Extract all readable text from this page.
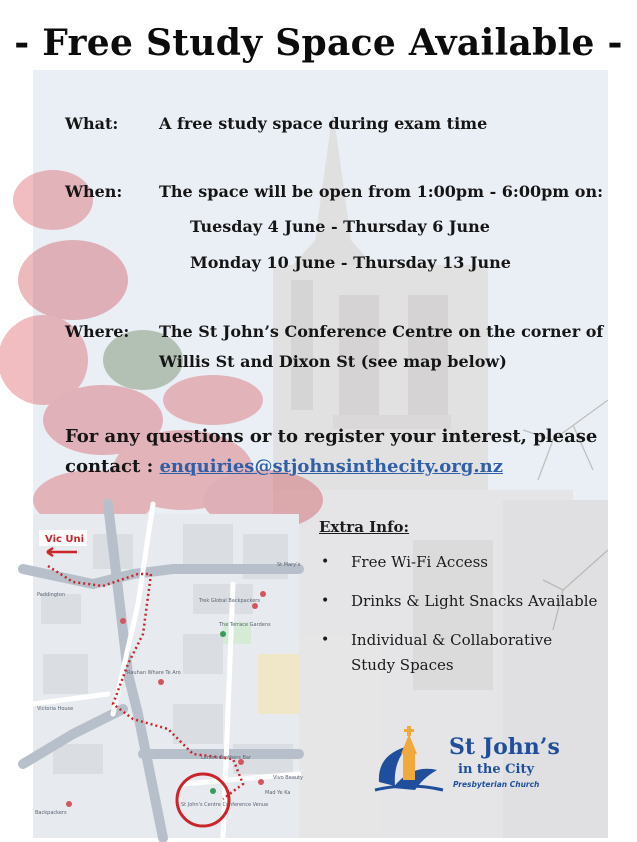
- Free Study Space Available -
What:	A free study space during exam time
When: The space will be open from 1:00pm - 6:00pm on:
Tuesday 4 June - Thursday 6 June
Monday 10 June - Thursday 13 June
Where: The St John’s Conference Centre on the corner of
Willis St and Dixon St (see map below)
For any questions or to register your interest, please
contact : enquiries@stjohnsinthecity.org.nz
Vic Uni
St Mary’s
Trek Global Backpackers
The Terrace Gardens
Paddington
Rauhan Whare Te Aro
Victoria House
Lenore Brothers Bar
Vivo Beauty
St John's Centre Conference Venue
Backpackers
Mad Ye Ka
Extra Info:
• Free Wi-Fi Access
• Drinks & Light Snacks Available
• Individual & Collaborative
Study Spaces
St John’s
in the City
Presbyterian Church
